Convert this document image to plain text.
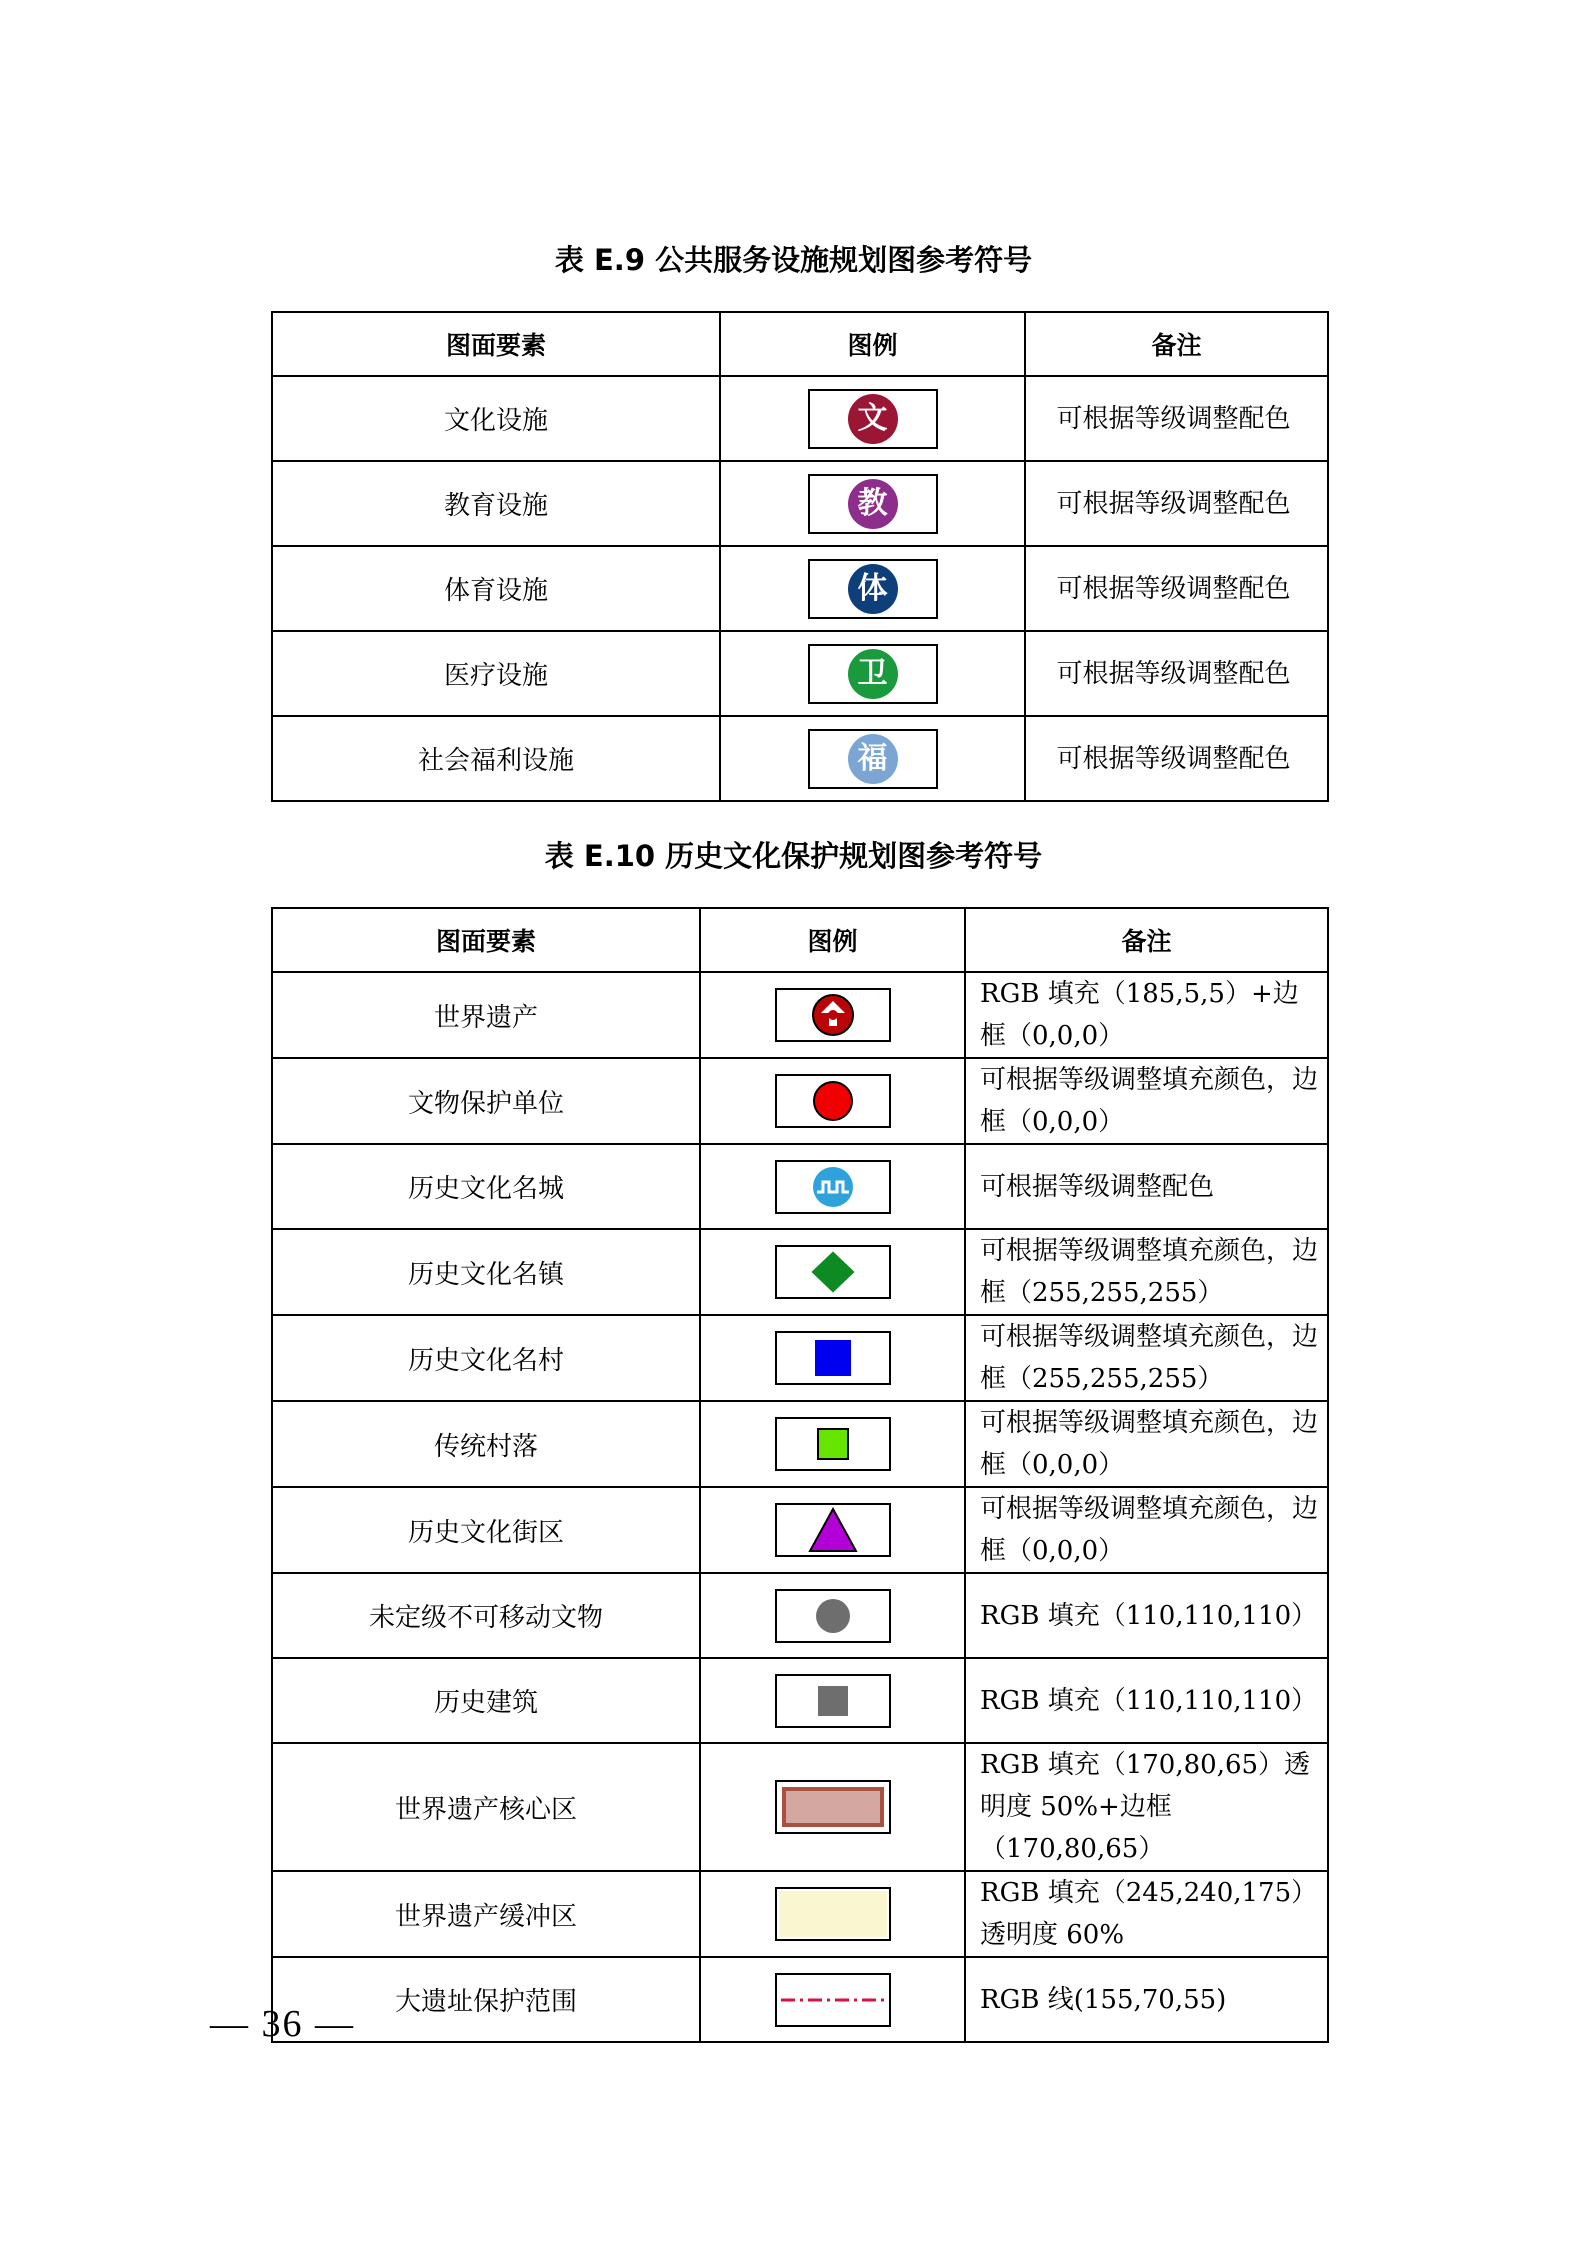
表 E.9 公共服务设施规划图参考符号
图面要素	图例	备注
文化设施	文	可根据等级调整配色
教育设施	教	可根据等级调整配色
体育设施	体	可根据等级调整配色
医疗设施	卫	可根据等级调整配色
社会福利设施	福	可根据等级调整配色
表 E.10 历史文化保护规划图参考符号
图面要素	图例	备注
世界遗产		RGB 填充（185,5,5）+边框（0,0,0）
文物保护单位		可根据等级调整填充颜色，边框（0,0,0）
历史文化名城		可根据等级调整配色
历史文化名镇		可根据等级调整填充颜色，边框（255,255,255）
历史文化名村		可根据等级调整填充颜色，边框（255,255,255）
传统村落		可根据等级调整填充颜色，边框（0,0,0）
历史文化街区		可根据等级调整填充颜色，边框（0,0,0）
未定级不可移动文物		RGB 填充（110,110,110）
历史建筑		RGB 填充（110,110,110）
世界遗产核心区		RGB 填充（170,80,65）透明度 50%+边框（170,80,65）
世界遗产缓冲区		RGB 填充（245,240,175）透明度 60%
大遗址保护范围		RGB 线(155,70,55)
— 36 —
